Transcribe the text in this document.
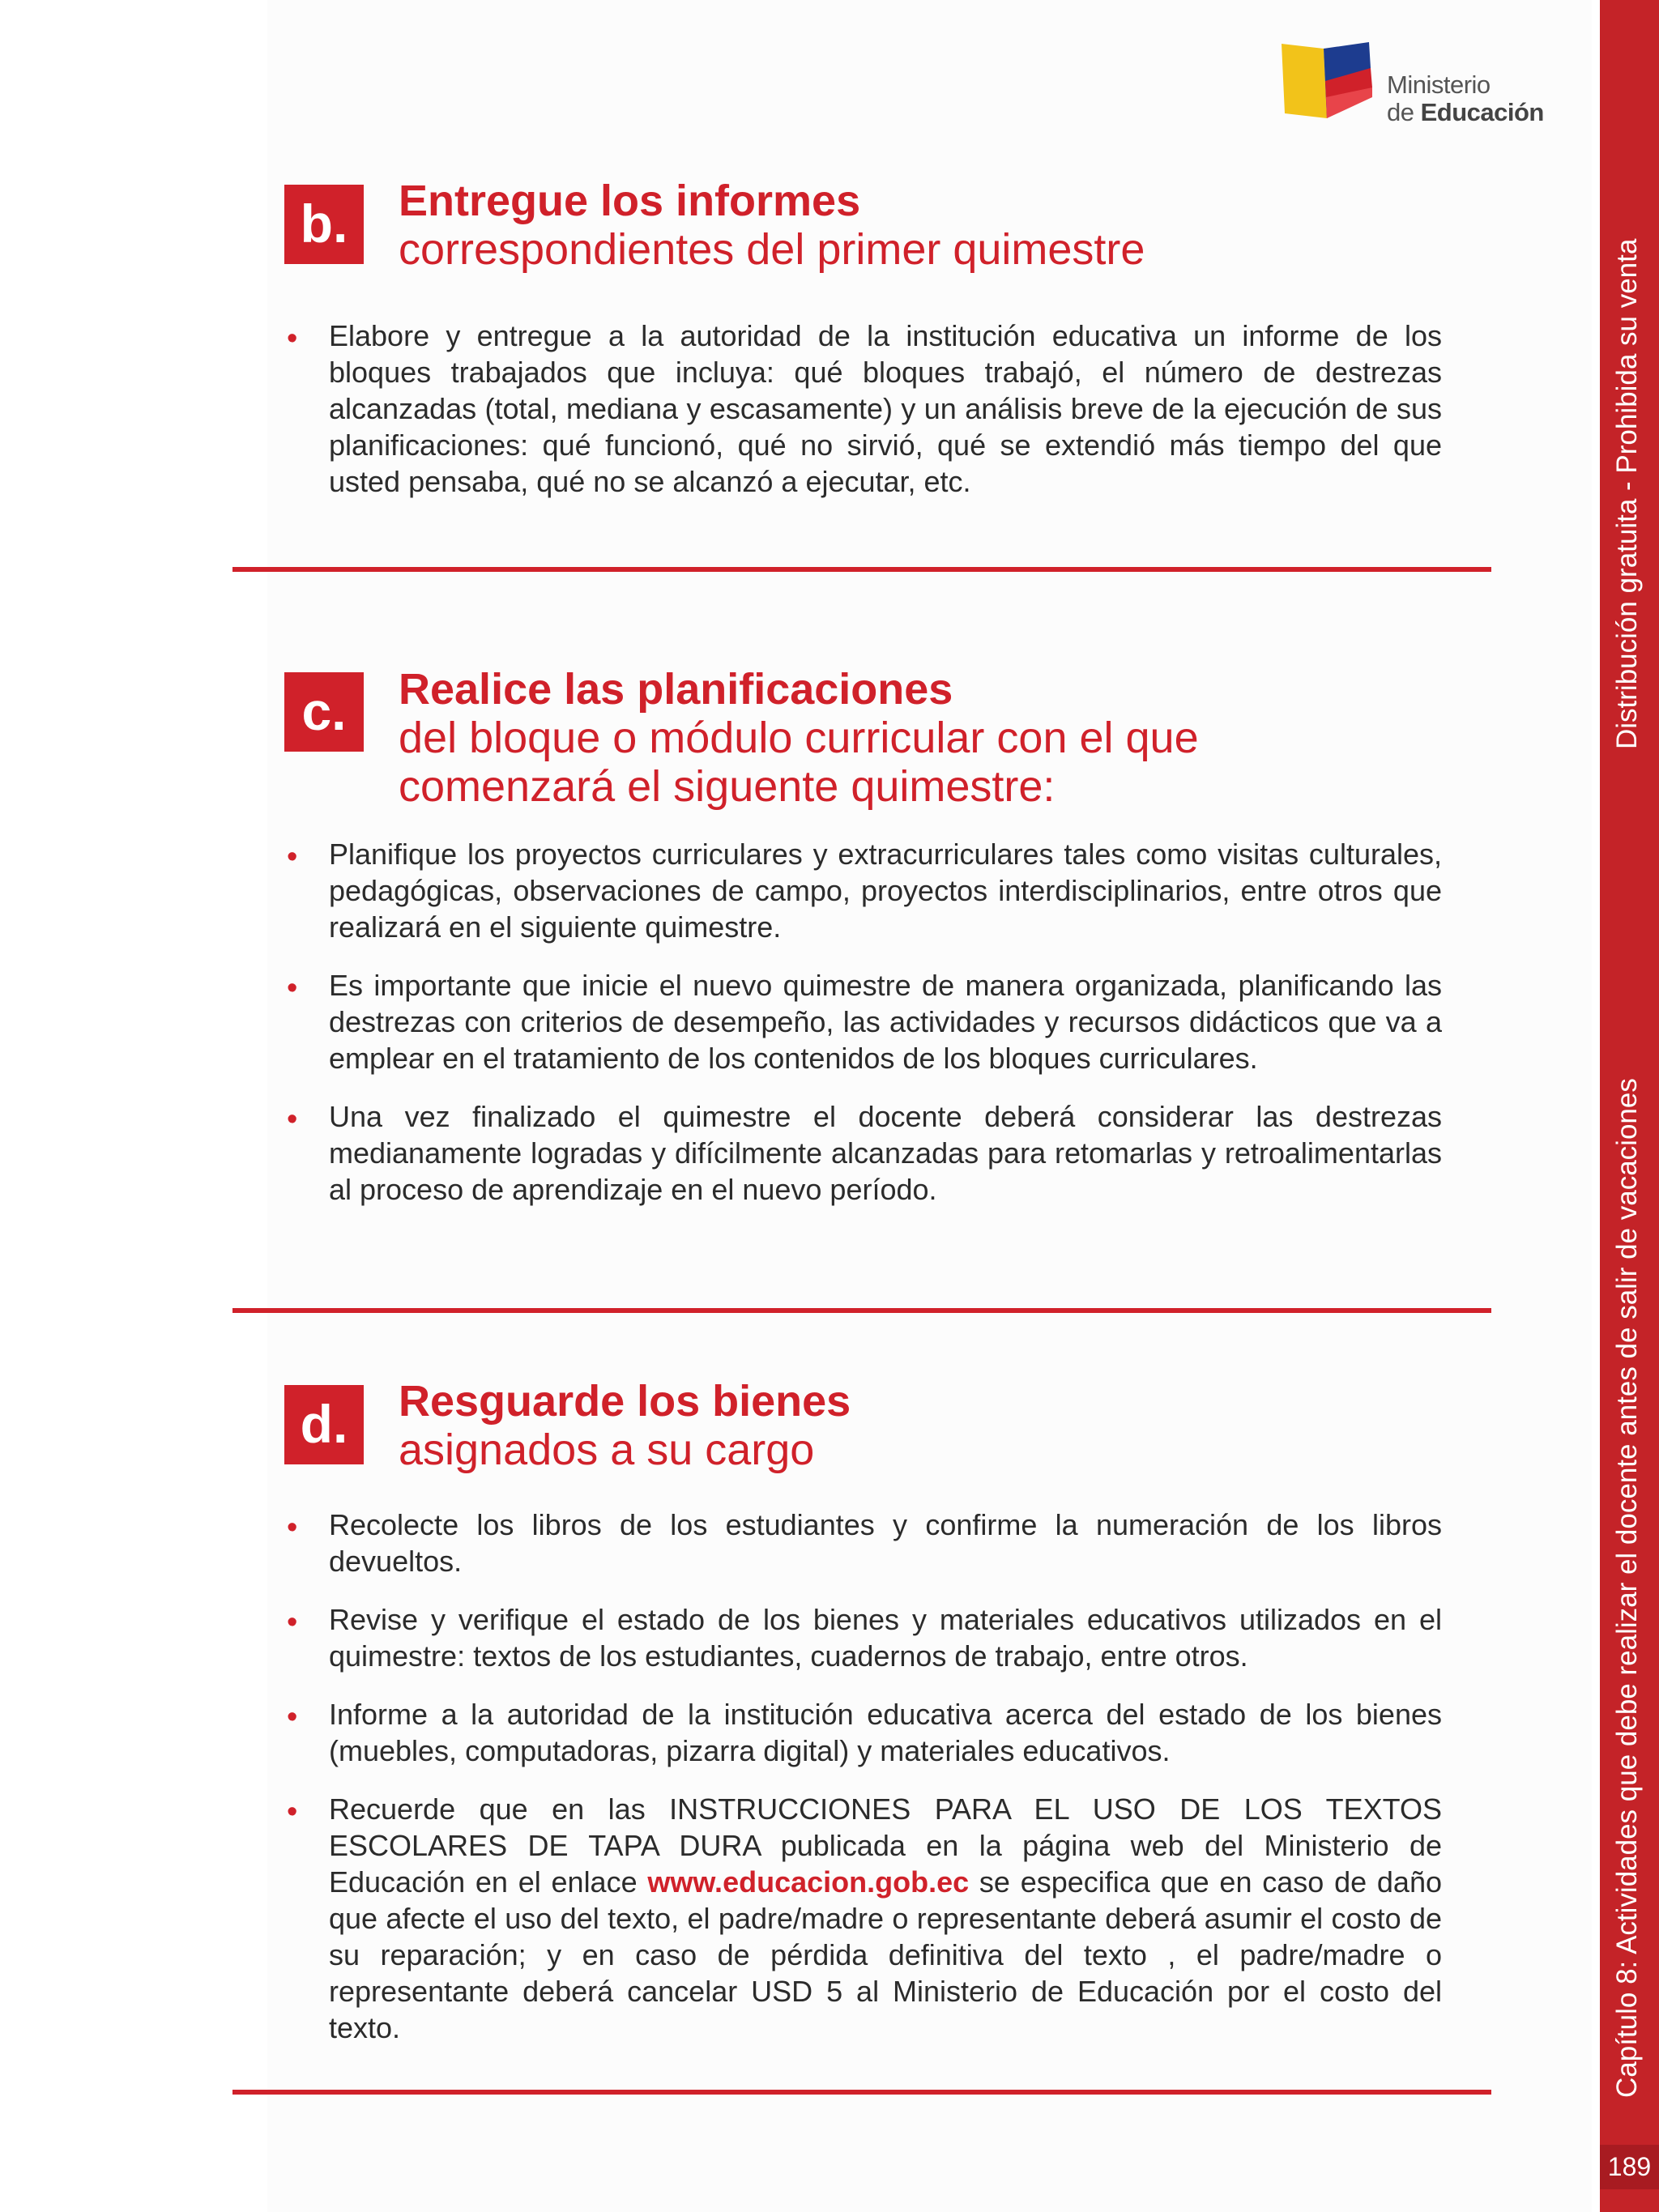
Ministerio
de Educación
b.	Entregue los informes
correspondientes del primer quimestre
• Elabore y entregue a la autoridad de la institución educativa un informe de los bloques trabajados que incluya: qué bloques trabajó, el número de destrezas alcanzadas (total, mediana y escasamente) y un análisis breve de la ejecución de sus planificaciones: qué funcionó, qué no sirvió, qué se extendió más tiempo del que usted pensaba, qué no se alcanzó a ejecutar, etc.
c.	Realice las planificaciones
del bloque o módulo curricular con el que comenzará el siguente quimestre:
• Planifique los proyectos curriculares y extracurriculares tales como visitas culturales, pedagógicas, observaciones de campo, proyectos interdisciplinarios, entre otros que realizará en el siguiente quimestre.
• Es importante que inicie el nuevo quimestre de manera organizada, planificando las destrezas con criterios de desempeño, las actividades y recursos didácticos que va a emplear en el tratamiento de los contenidos de los bloques curriculares.
• Una vez finalizado el quimestre el docente deberá considerar las destrezas medianamente logradas y difícilmente alcanzadas para retomarlas y retroalimentarlas al proceso de aprendizaje en el nuevo período.
d.	Resguarde los bienes
asignados a su cargo
• Recolecte los libros de los estudiantes y confirme la numeración de los libros devueltos.
• Revise y verifique el estado de los bienes y materiales educativos utilizados en el quimestre: textos de los estudiantes, cuadernos de trabajo, entre otros.
• Informe a la autoridad de la institución educativa acerca del estado de los bienes (muebles, computadoras, pizarra digital) y materiales educativos.
• Recuerde que en las INSTRUCCIONES PARA EL USO DE LOS TEXTOS ESCOLARES DE TAPA DURA publicada en la página web del Ministerio de Educación en el enlace www.educacion.gob.ec se especifica que en caso de daño que afecte el uso del texto, el padre/madre o representante deberá asumir el costo de su reparación; y en caso de pérdida definitiva del texto , el padre/madre o representante deberá cancelar USD 5 al Ministerio de Educación por el costo del texto.
Distribución gratuita - Prohibida su venta
Capítulo 8: Actividades que debe realizar el docente antes de salir de vacaciones
189
